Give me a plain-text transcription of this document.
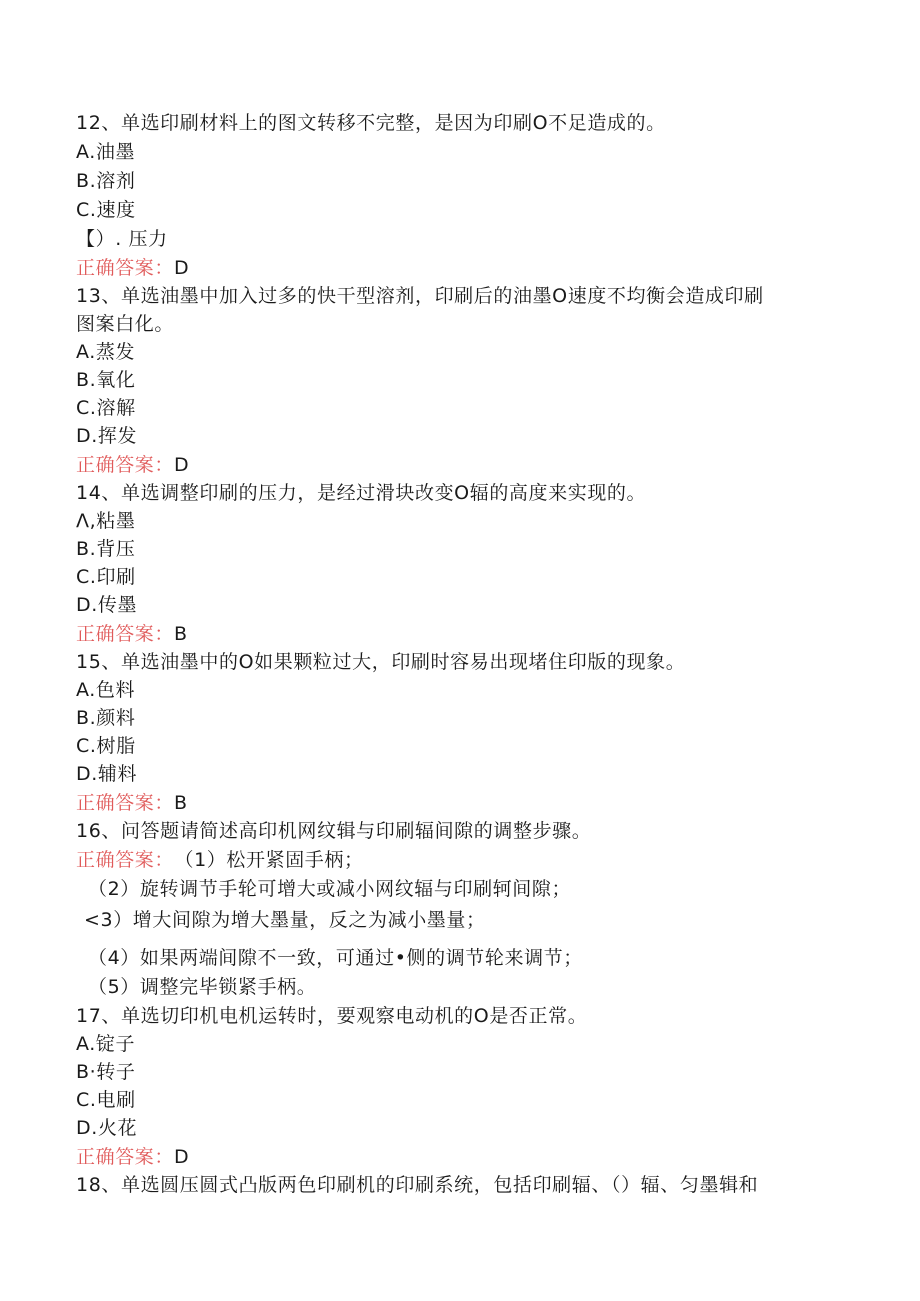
12、单选印刷材料上的图文转移不完整，是因为印刷O不足造成的。
A.油墨
B.溶剂
C.速度
【）. 压力
正确答案：D
13、单选油墨中加入过多的快干型溶剂，印刷后的油墨O速度不均衡会造成印刷
图案白化。
A.蒸发
B.氧化
C.溶解
D.挥发
正确答案：D
14、单选调整印刷的压力，是经过滑块改变O辐的高度来实现的。
Λ,粘墨
B.背压
C.印刷
D.传墨
正确答案：B
15、单选油墨中的O如果颗粒过大，印刷时容易出现堵住印版的现象。
A.色料
B.颜料
C.树脂
D.辅料
正确答案：B
16、问答题请简述高印机网纹辑与印刷辐间隙的调整步骤。
正确答案： （1）松开紧固手柄；
（2）旋转调节手轮可增大或减小网纹辐与印刷轲间隙；
<3）增大间隙为增大墨量，反之为减小墨量；
（4）如果两端间隙不一致，可通过•侧的调节轮来调节；
（5）调整完毕锁紧手柄。
17、单选切印机电机运转时，要观察电动机的O是否正常。
A.锭子
B·转子
C.电刷
D.火花
正确答案：D
18、单选圆压圆式凸版两色印刷机的印刷系统，包括印刷辐、（）辐、匀墨辑和
